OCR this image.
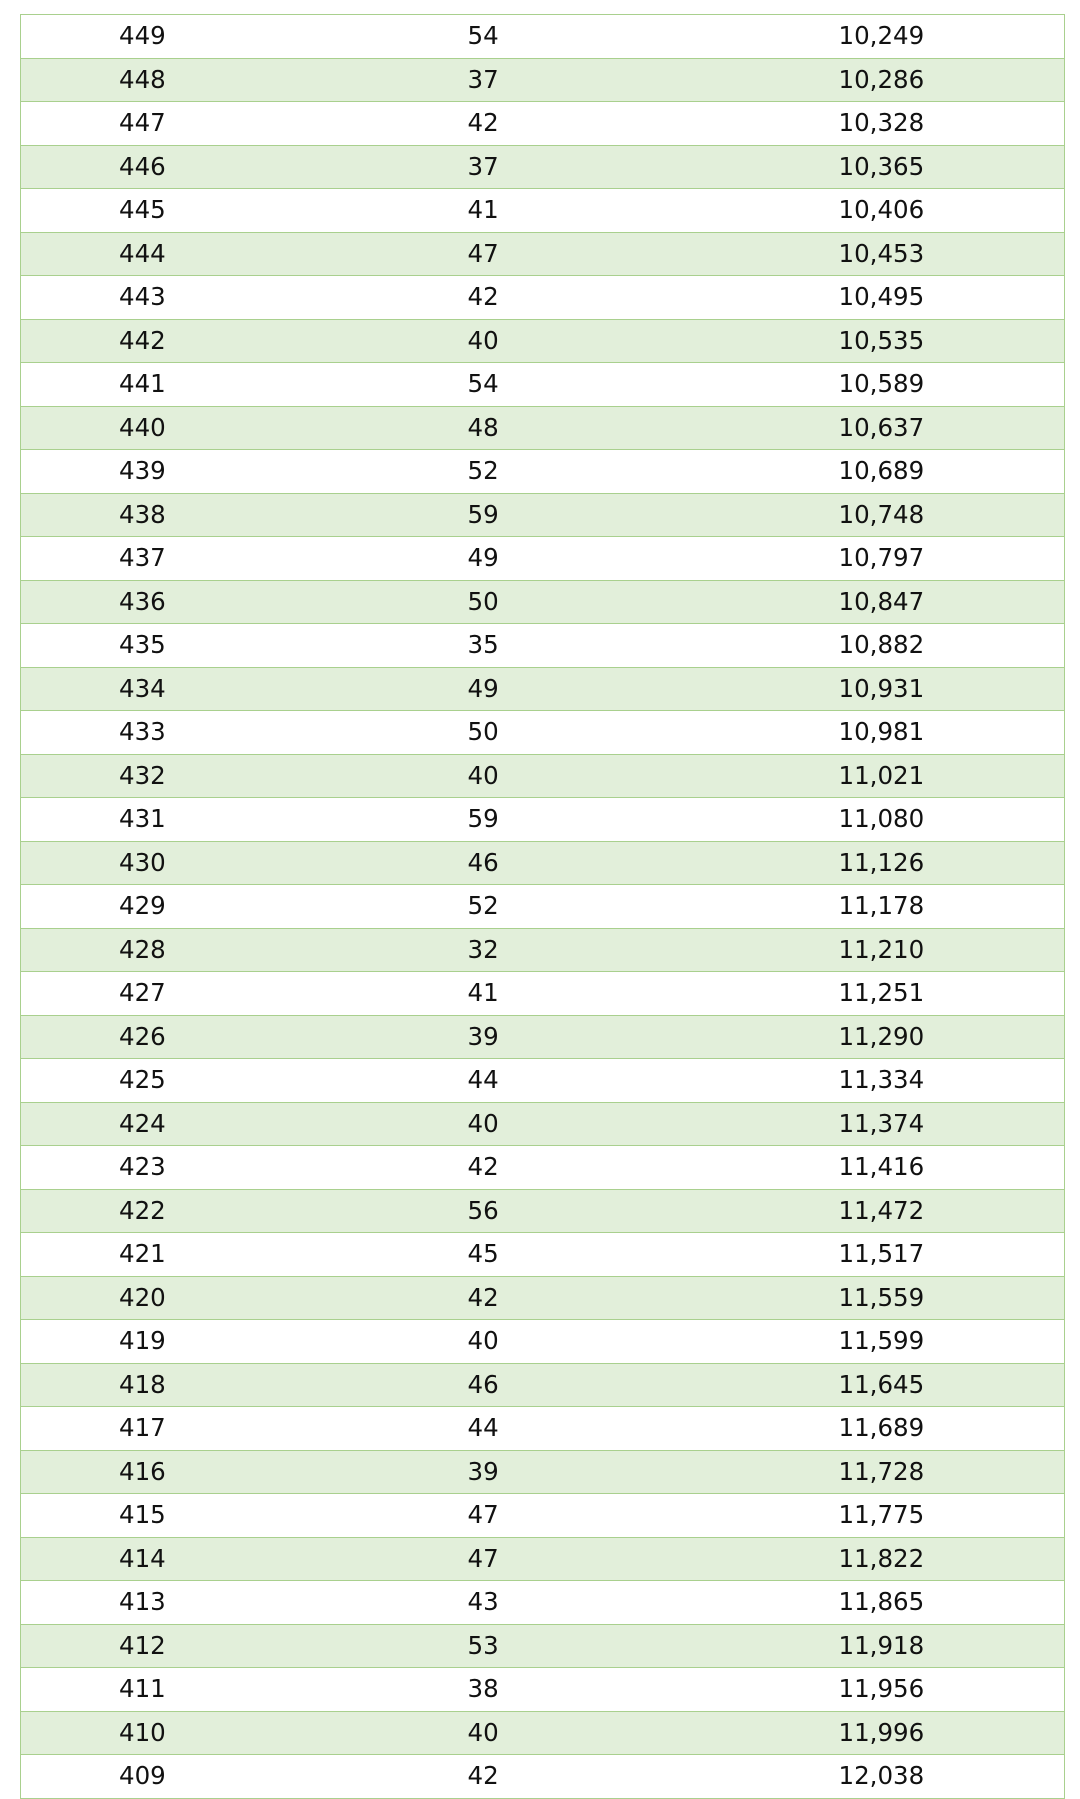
449	54	10,249
448	37	10,286
447	42	10,328
446	37	10,365
445	41	10,406
444	47	10,453
443	42	10,495
442	40	10,535
441	54	10,589
440	48	10,637
439	52	10,689
438	59	10,748
437	49	10,797
436	50	10,847
435	35	10,882
434	49	10,931
433	50	10,981
432	40	11,021
431	59	11,080
430	46	11,126
429	52	11,178
428	32	11,210
427	41	11,251
426	39	11,290
425	44	11,334
424	40	11,374
423	42	11,416
422	56	11,472
421	45	11,517
420	42	11,559
419	40	11,599
418	46	11,645
417	44	11,689
416	39	11,728
415	47	11,775
414	47	11,822
413	43	11,865
412	53	11,918
411	38	11,956
410	40	11,996
409	42	12,038
